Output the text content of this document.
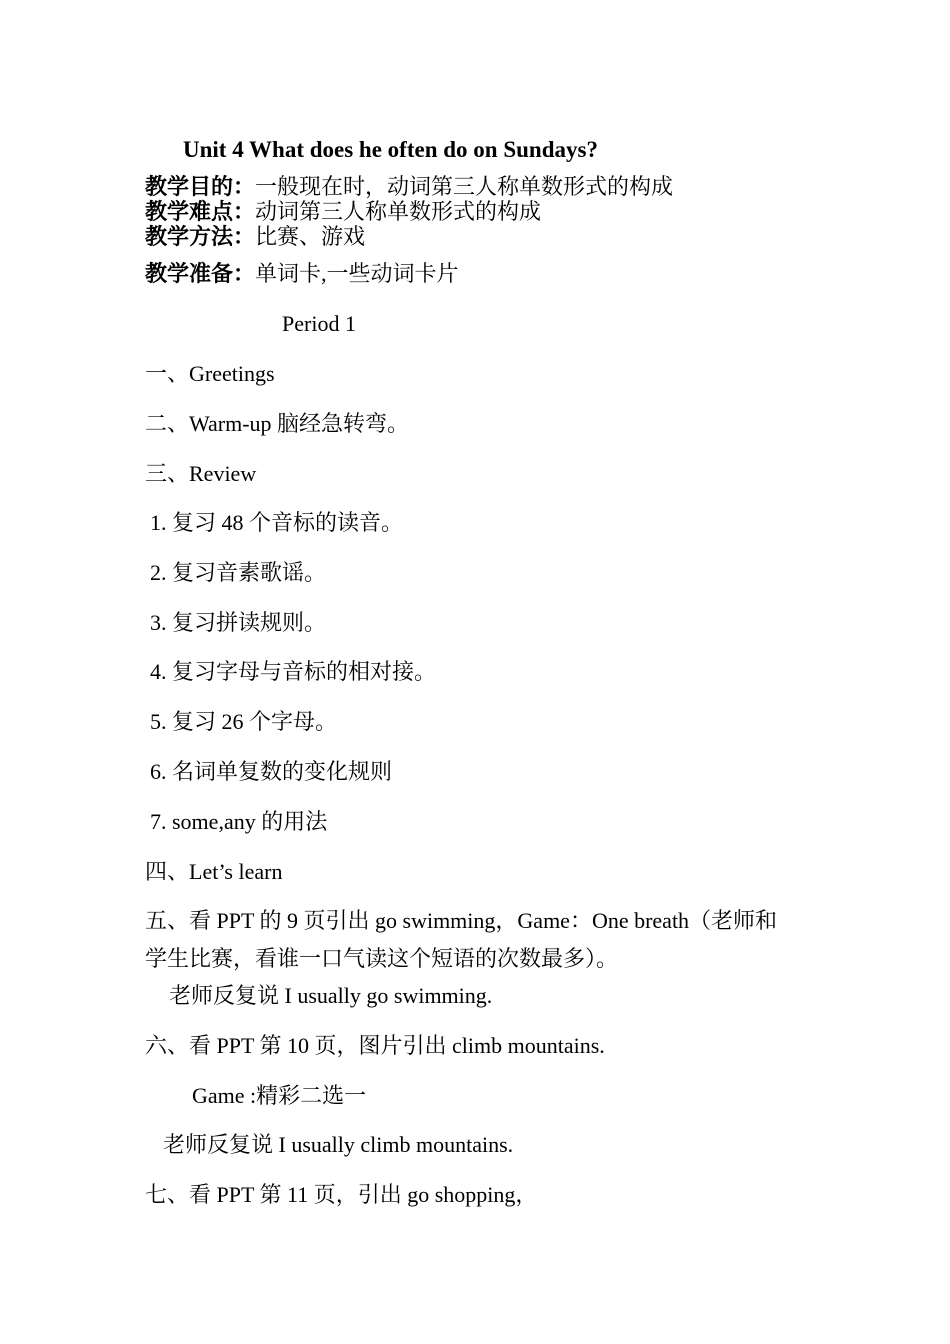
Unit 4 What does he often do on Sundays?
教学目的：一般现在时，动词第三人称单数形式的构成
教学难点：动词第三人称单数形式的构成
教学方法：比赛、游戏
教学准备：单词卡,一些动词卡片
Period 1
一、Greetings
二、Warm-up 脑经急转弯。
三、Review
1. 复习 48 个音标的读音。
2. 复习音素歌谣。
3. 复习拼读规则。
4. 复习字母与音标的相对接。
5. 复习 26 个字母。
6. 名词单复数的变化规则
7. some,any 的用法
四、Let’s learn
五、看 PPT 的 9 页引出 go swimming，Game：One breath（老师和
学生比赛，看谁一口气读这个短语的次数最多）。
老师反复说 I usually go swimming.
六、看 PPT 第 10 页，图片引出 climb mountains.
Game :精彩二选一
老师反复说 I usually climb mountains.
七、看 PPT 第 11 页，引出 go shopping，
